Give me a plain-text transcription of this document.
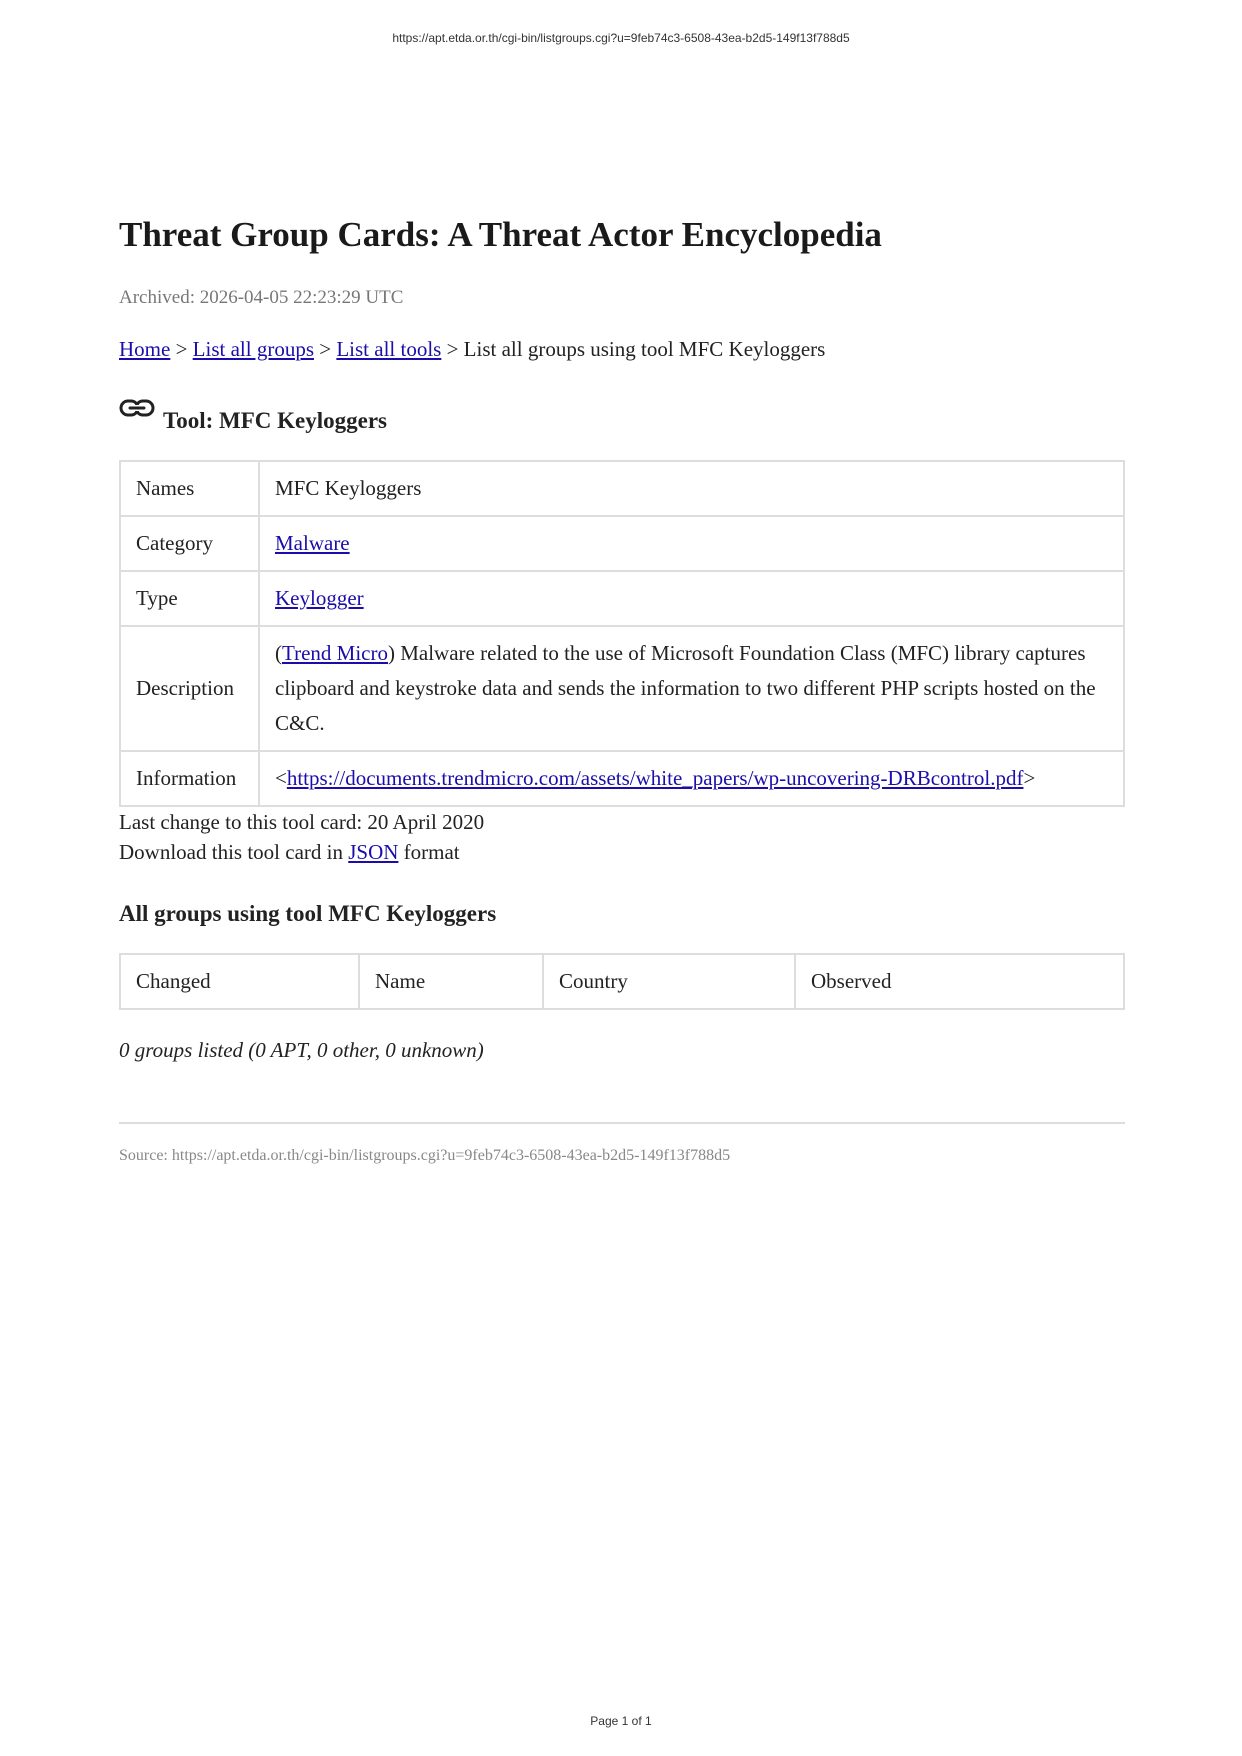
https://apt.etda.or.th/cgi-bin/listgroups.cgi?u=9feb74c3-6508-43ea-b2d5-149f13f788d5
Threat Group Cards: A Threat Actor Encyclopedia
Archived: 2026-04-05 22:23:29 UTC
Home > List all groups > List all tools > List all groups using tool MFC Keyloggers
Tool: MFC Keyloggers
Names	MFC Keyloggers
Category	Malware
Type	Keylogger
Description	(Trend Micro) Malware related to the use of Microsoft Foundation Class (MFC) library captures clipboard and keystroke data and sends the information to two different PHP scripts hosted on the C&C.
Information	<https://documents.trendmicro.com/assets/white_papers/wp-uncovering-DRBcontrol.pdf>

Last change to this tool card: 20 April 2020

Download this tool card in JSON format

All groups using tool MFC Keyloggers
Changed	Name	Country	Observed
0 groups listed (0 APT, 0 other, 0 unknown)
Source: https://apt.etda.or.th/cgi-bin/listgroups.cgi?u=9feb74c3-6508-43ea-b2d5-149f13f788d5
Page 1 of 1
